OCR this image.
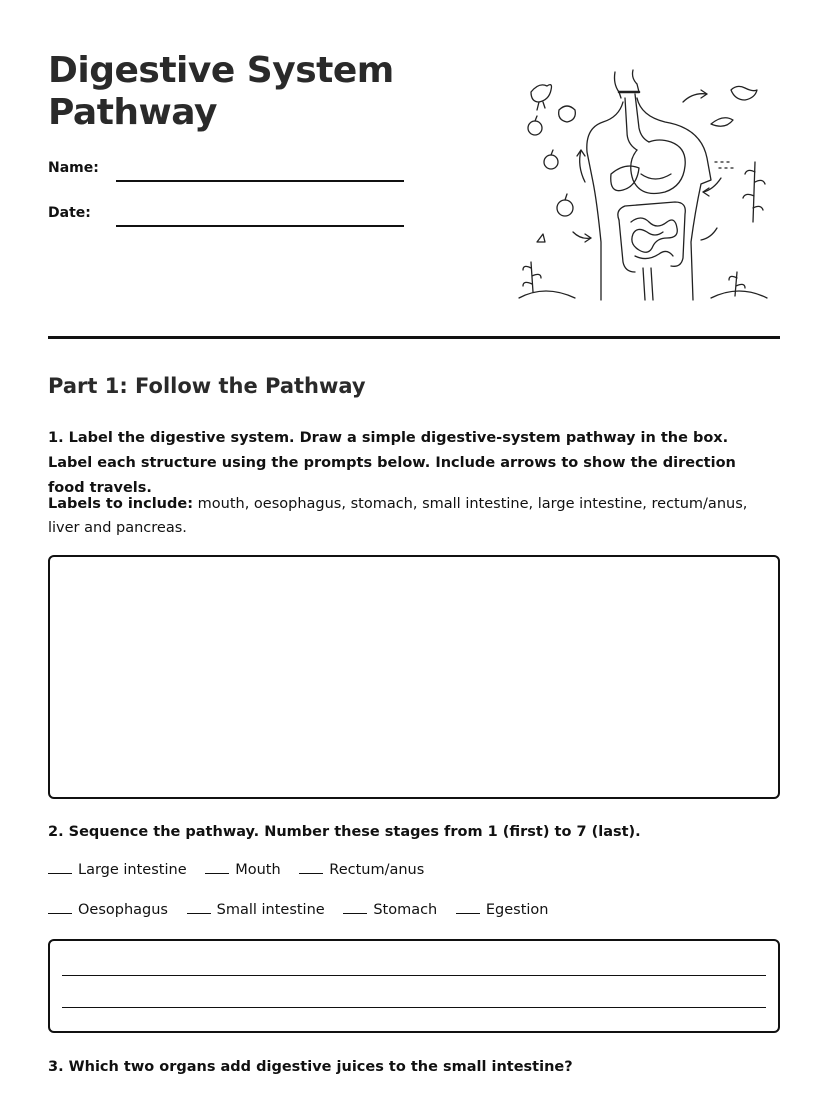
Digestive System
Pathway
Name:
Date:
Part 1: Follow the Pathway

1. Label the digestive system. Draw a simple digestive-system pathway in the box. Label each structure using the prompts below. Include arrows to show the direction food travels.

Labels to include: mouth, oesophagus, stomach, small intestine, large intestine, rectum/anus, liver and pancreas.

2. Sequence the pathway. Number these stages from 1 (first) to 7 (last).

Large intestine	Mouth	Rectum/anus
Oesophagus	Small intestine	Stomach	Egestion

3. Which two organs add digestive juices to the small intestine?
